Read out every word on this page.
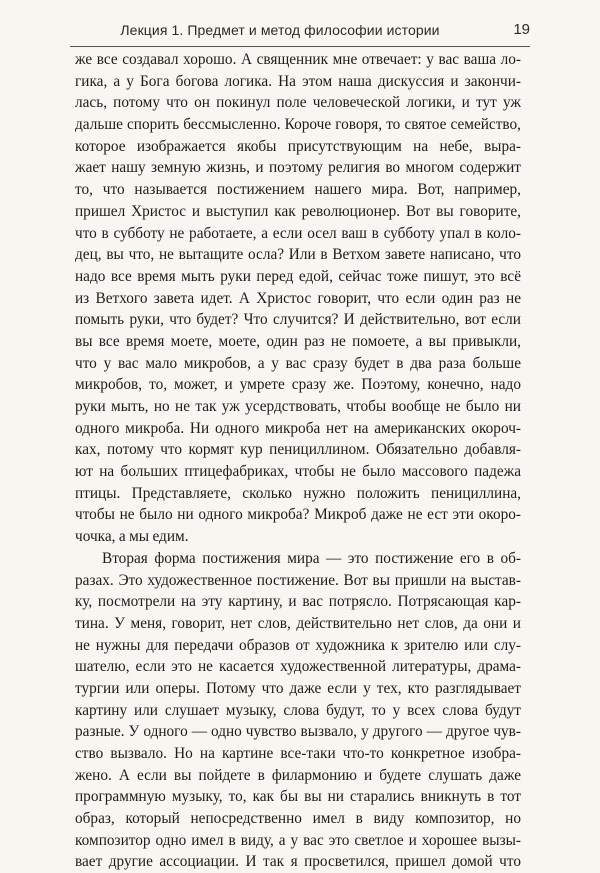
Лекция 1. Предмет и метод философии истории	19
же все создавал хорошо. А священник мне отвечает: у вас ваша ло-
гика, а у Бога богова логика. На этом наша дискуссия и закончи-
лась, потому что он покинул поле человеческой логики, и тут уж
дальше спорить бессмысленно. Короче говоря, то святое семейство,
которое изображается якобы присутствующим на небе, выра-
жает нашу земную жизнь, и поэтому религия во многом содержит
то, что называется постижением нашего мира. Вот, например,
пришел Христос и выступил как революционер. Вот вы говорите,
что в субботу не работаете, а если осел ваш в субботу упал в коло-
дец, вы что, не вытащите осла? Или в Ветхом завете написано, что
надо все время мыть руки перед едой, сейчас тоже пишут, это всё
из Ветхого завета идет. А Христос говорит, что если один раз не
помыть руки, что будет? Что случится? И действительно, вот если
вы все время моете, моете, один раз не помоете, а вы привыкли,
что у вас мало микробов, а у вас сразу будет в два раза больше
микробов, то, может, и умрете сразу же. Поэтому, конечно, надо
руки мыть, но не так уж усердствовать, чтобы вообще не было ни
одного микроба. Ни одного микроба нет на американских окороч-
ках, потому что кормят кур пенициллином. Обязательно добавля-
ют на больших птицефабриках, чтобы не было массового падежа
птицы. Представляете, сколько нужно положить пенициллина,
чтобы не было ни одного микроба? Микроб даже не ест эти окоро-
чочка, а мы едим.
Вторая форма постижения мира — это постижение его в об-
разах. Это художественное постижение. Вот вы пришли на выстав-
ку, посмотрели на эту картину, и вас потрясло. Потрясающая кар-
тина. У меня, говорит, нет слов, действительно нет слов, да они и
не нужны для передачи образов от художника к зрителю или слу-
шателю, если это не касается художественной литературы, драма-
тургии или оперы. Потому что даже если у тех, кто разглядывает
картину или слушает музыку, слова будут, то у всех слова будут
разные. У одного — одно чувство вызвало, у другого — другое чув-
ство вызвало. Но на картине все-таки что-то конкретное изобра-
жено. А если вы пойдете в филармонию и будете слушать даже
программную музыку, то, как бы вы ни старались вникнуть в тот
образ, который непосредственно имел в виду композитор, но
композитор одно имел в виду, а у вас это светлое и хорошее вызы-
вает другие ассоциации. И так я просветился, пришел домой что
